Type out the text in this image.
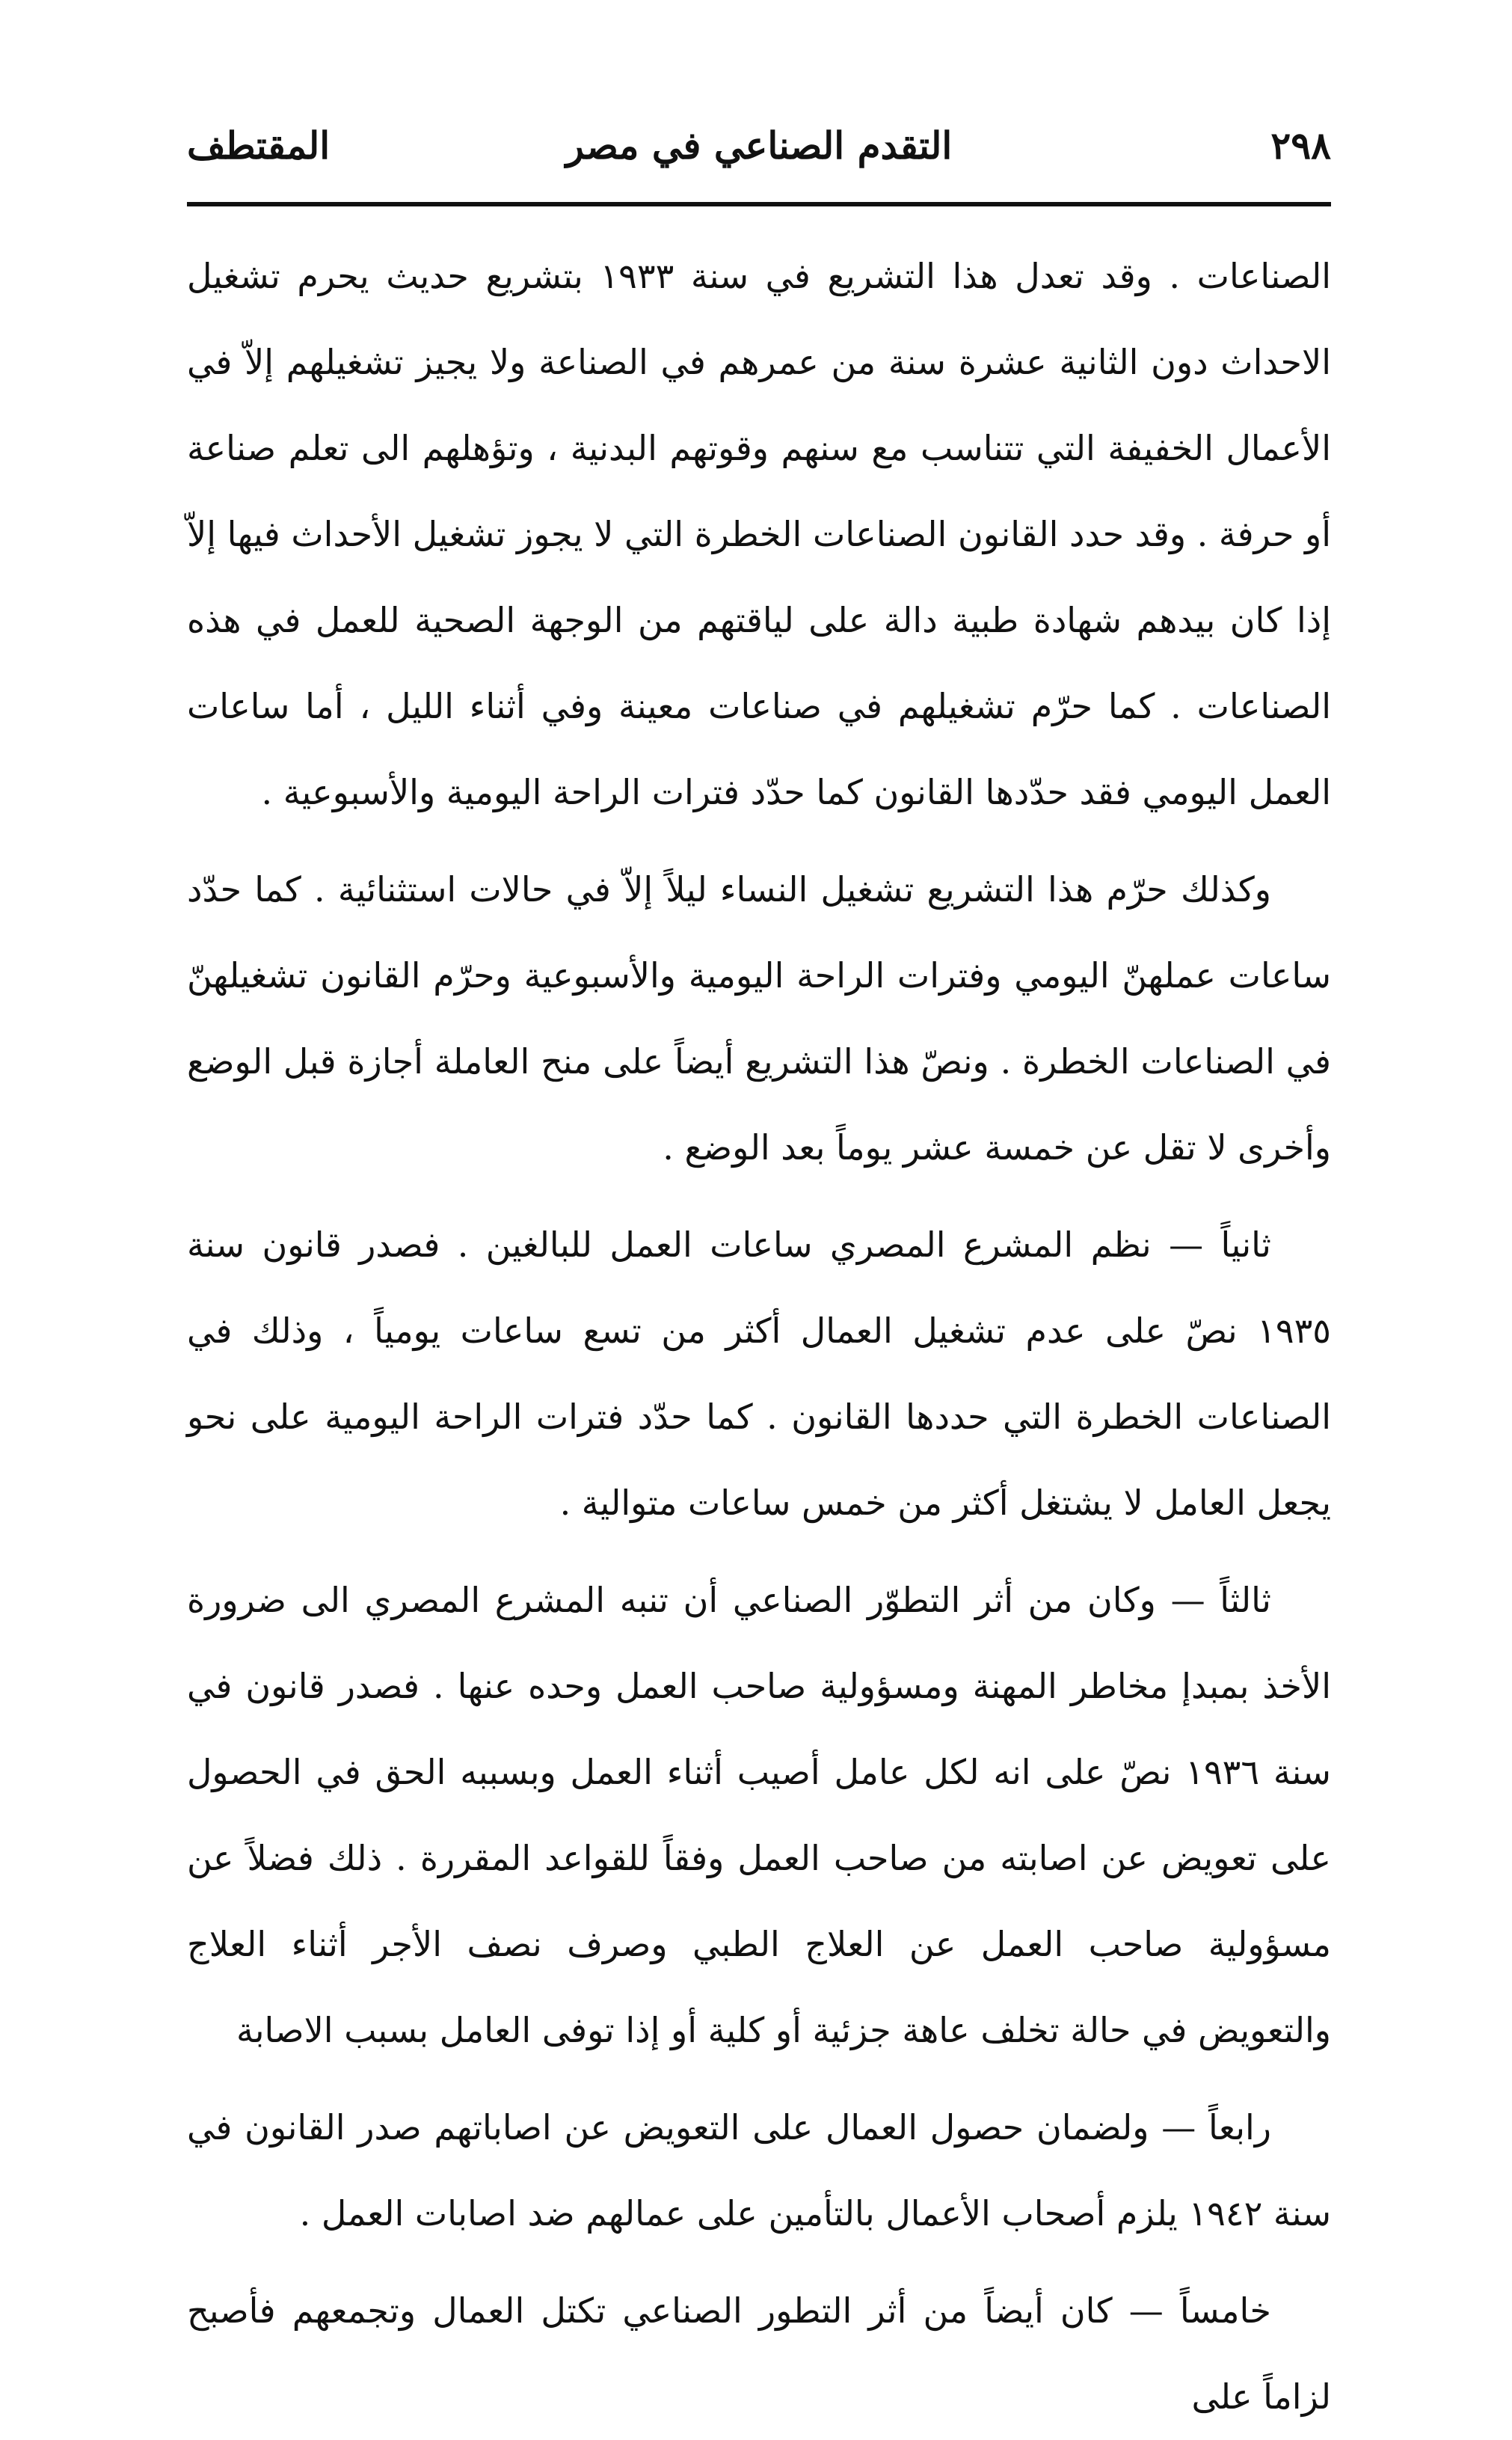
٢٩٨
التقدم الصناعي في مصر
المقتطف

الصناعات . وقد تعدل هذا التشريع في سنة ١٩٣٣ بتشريع حديث يحرم تشغيل الاحداث دون الثانية عشرة سنة من عمرهم في الصناعة ولا يجيز تشغيلهم إلاّ في الأعمال الخفيفة التي تتناسب مع سنهم وقوتهم البدنية ، وتؤهلهم الى تعلم صناعة أو حرفة . وقد حدد القانون الصناعات الخطرة التي لا يجوز تشغيل الأحداث فيها إلاّ إذا كان بيدهم شهادة طبية دالة على لياقتهم من الوجهة الصحية للعمل في هذه الصناعات . كما حرّم تشغيلهم في صناعات معينة وفي أثناء الليل ، أما ساعات العمل اليومي فقد حدّدها القانون كما حدّد فترات الراحة اليومية والأسبوعية .

وكذلك حرّم هذا التشريع تشغيل النساء ليلاً إلاّ في حالات استثنائية . كما حدّد ساعات عملهنّ اليومي وفترات الراحة اليومية والأسبوعية وحرّم القانون تشغيلهنّ في الصناعات الخطرة . ونصّ هذا التشريع أيضاً على منح العاملة أجازة قبل الوضع وأخرى لا تقل عن خمسة عشر يوماً بعد الوضع .

ثانياً — نظم المشرع المصري ساعات العمل للبالغين . فصدر قانون سنة ١٩٣٥ نصّ على عدم تشغيل العمال أكثر من تسع ساعات يومياً ، وذلك في الصناعات الخطرة التي حددها القانون . كما حدّد فترات الراحة اليومية على نحو يجعل العامل لا يشتغل أكثر من خمس ساعات متوالية .

ثالثاً — وكان من أثر التطوّر الصناعي أن تنبه المشرع المصري الى ضرورة الأخذ بمبدإ مخاطر المهنة ومسؤولية صاحب العمل وحده عنها . فصدر قانون في سنة ١٩٣٦ نصّ على انه لكل عامل أصيب أثناء العمل وبسببه الحق في الحصول على تعويض عن اصابته من صاحب العمل وفقاً للقواعد المقررة . ذلك فضلاً عن مسؤولية صاحب العمل عن العلاج الطبي وصرف نصف الأجر أثناء العلاج والتعويض في حالة تخلف عاهة جزئية أو كلية أو إذا توفى العامل بسبب الاصابة

رابعاً — ولضمان حصول العمال على التعويض عن اصاباتهم صدر القانون في سنة ١٩٤٢ يلزم أصحاب الأعمال بالتأمين على عمالهم ضد اصابات العمل .

خامساً — كان أيضاً من أثر التطور الصناعي تكتل العمال وتجمعهم فأصبح لزاماً على
